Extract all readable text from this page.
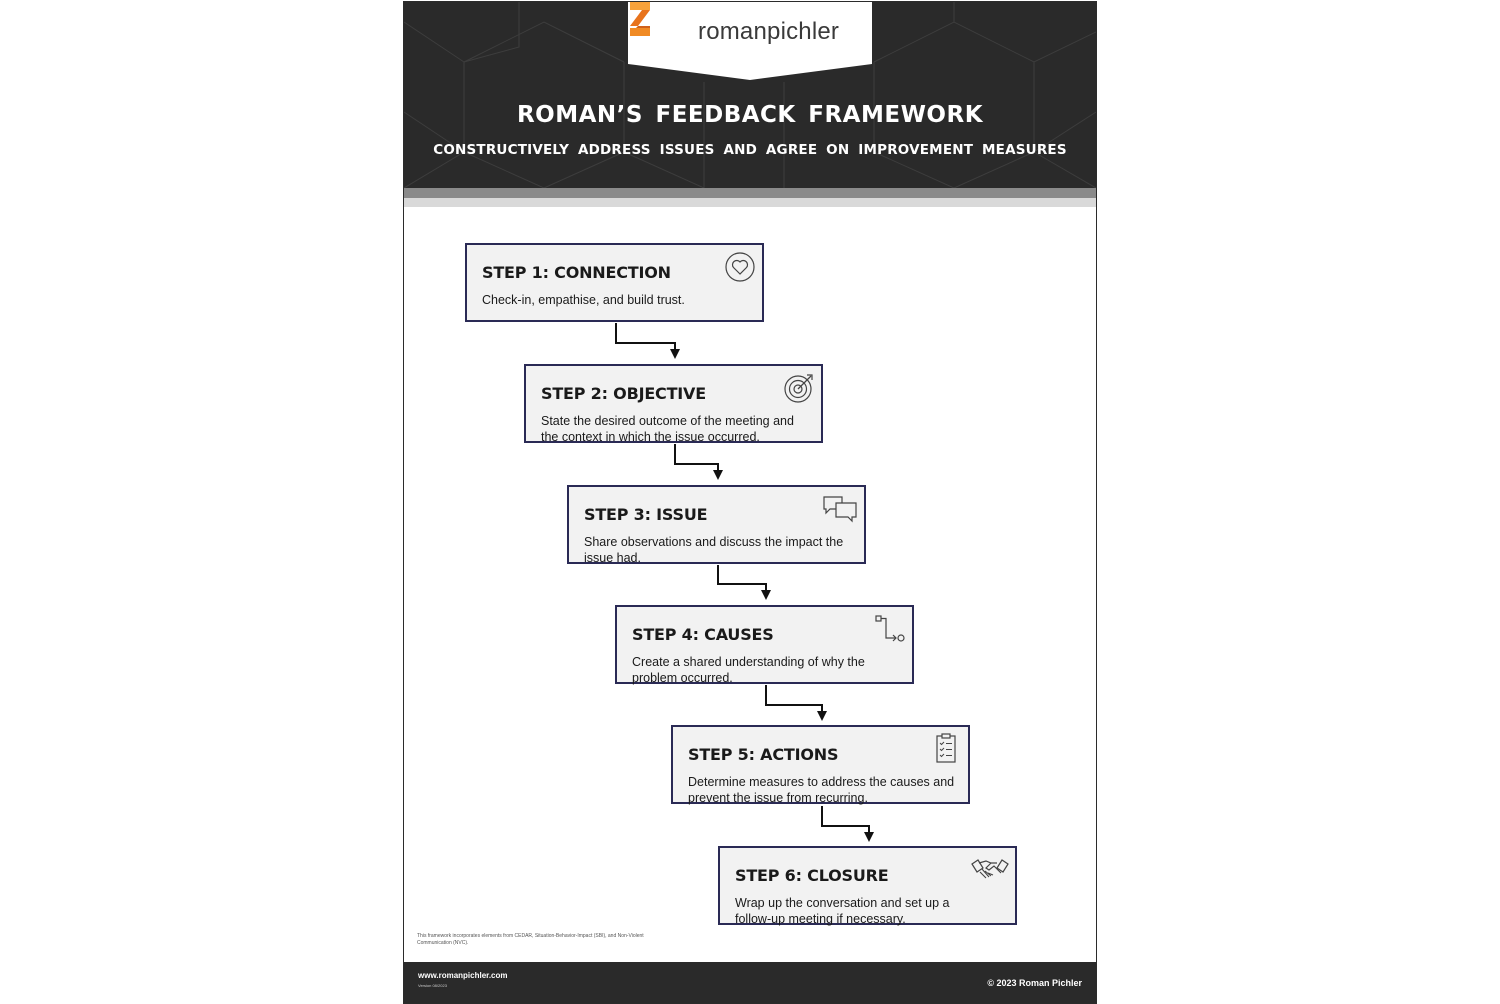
romanpichler
ROMAN’S FEEDBACK FRAMEWORK
CONSTRUCTIVELY ADDRESS ISSUES AND AGREE ON IMPROVEMENT MEASURES
STEP 1: CONNECTION
Check-in, empathise, and build trust.
STEP 2: OBJECTIVE
State the desired outcome of the meeting and the context in which the issue occurred.
STEP 3: ISSUE
Share observations and discuss the impact the issue had.
STEP 4: CAUSES
Create a shared understanding of why the problem occurred.
STEP 5: ACTIONS
Determine measures to address the causes and prevent the issue from recurring.
STEP 6: CLOSURE
Wrap up the conversation and set up a follow-up meeting if necessary.
This framework incorporates elements from CEDAR, Situation-Behavior-Impact (SBI), and Non-Violent Communication (NVC).
www.romanpichler.com
Version 08/2023	© 2023 Roman Pichler
